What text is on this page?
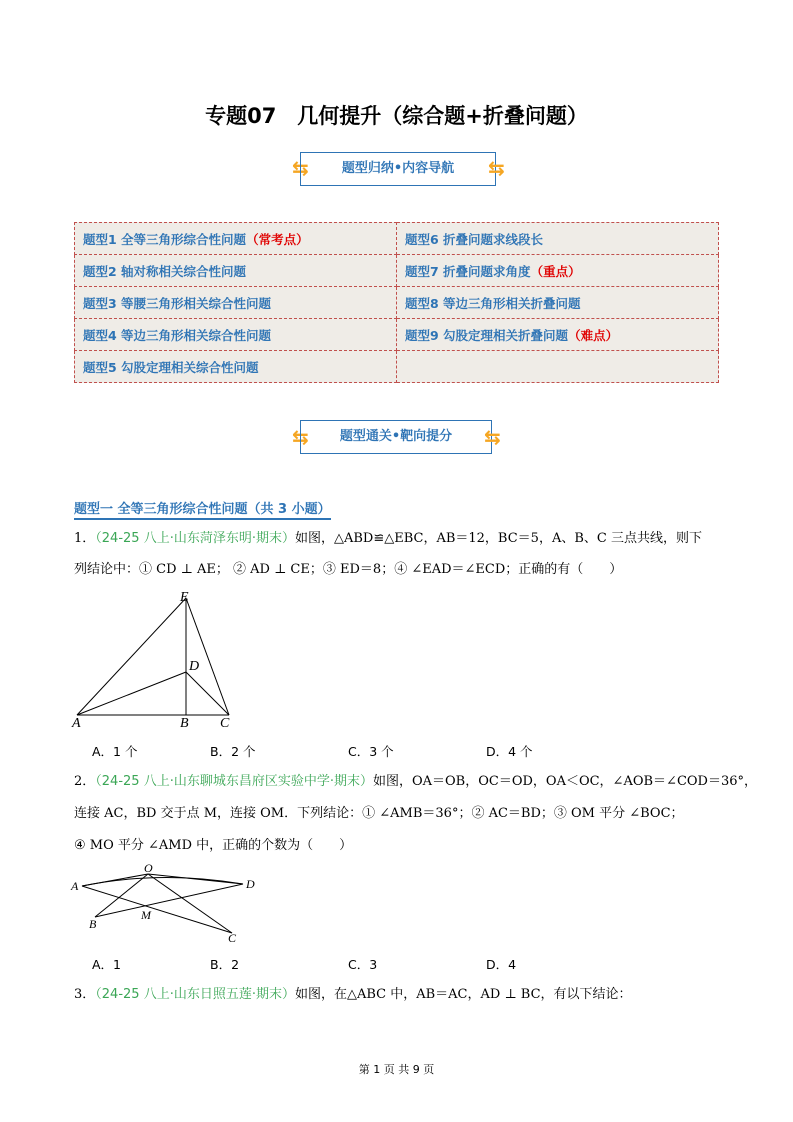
专题07　几何提升（综合题+折叠问题）
⇆	题型归纳•内容导航	⇆
题型1 全等三角形综合性问题（常考点）	题型6 折叠问题求线段长
题型2 轴对称相关综合性问题	题型7 折叠问题求角度（重点）
题型3 等腰三角形相关综合性问题	题型8 等边三角形相关折叠问题
题型4 等边三角形相关综合性问题	题型9 勾股定理相关折叠问题（难点）
题型5 勾股定理相关综合性问题	
⇆	题型通关•靶向提分	⇆
题型一 全等三角形综合性问题（共 3 小题）
1．（24-25 八上·山东菏泽东明·期末）如图，△ABD≌△EBC，AB＝12，BC＝5，A、B、C 三点共线，则下
列结论中：① CD ⊥ AE； ② AD ⊥ CE；③ ED＝8；④ ∠EAD＝∠ECD；正确的有（　　）
E
D
A	B C
O
A	D
B
M
C
A．1 个	B．2 个	C．3 个	D．4 个
2．（24-25 八上·山东聊城东昌府区实验中学·期末）如图，OA＝OB，OC＝OD，OA＜OC，∠AOB＝∠COD＝36°，
连接 AC，BD 交于点 M，连接 OM．下列结论：① ∠AMB＝36°；② AC＝BD；③ OM 平分 ∠BOC；
④ MO 平分 ∠AMD 中，正确的个数为（　　）
A．1	B．2	C．3	D．4
3．（24-25 八上·山东日照五莲·期末）如图，在△ABC 中，AB＝AC，AD ⊥ BC，有以下结论：
第 1 页 共 9 页
